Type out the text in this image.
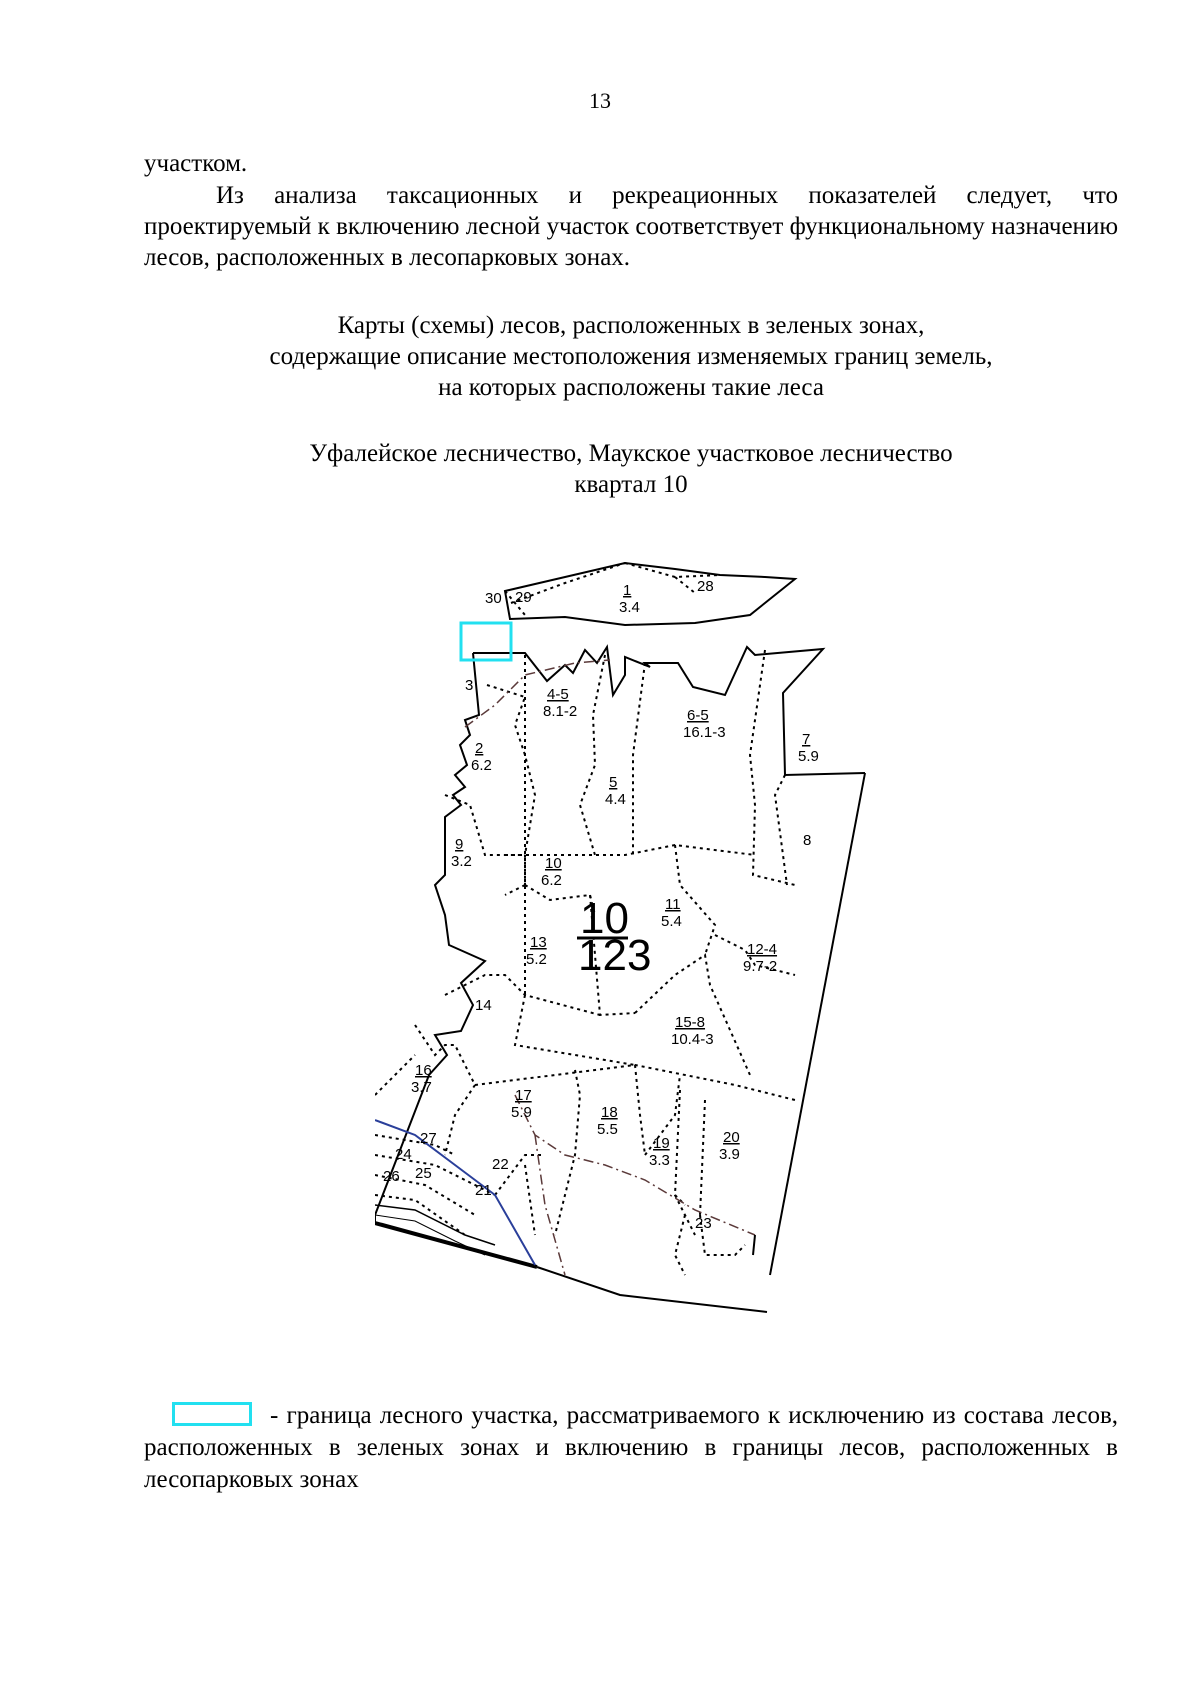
13
участком.
Из анализа таксационных и рекреационных показателей следует, что проектируемый к включению лесной участок соответствует функциональному назначению лесов, расположенных в лесопарковых зонах.
Карты (схемы) лесов, расположенных в зеленых зонах,
содержащие описание местоположения изменяемых границ земель,
на которых расположены такие леса
Уфалейское лесничество, Маукское участковое лесничество
квартал 10
1
3.4
28
30 29
3
2
6.2
4-5
8.1-2	6-5
16.1-3	7
5.9
5
4.4
8
9
3.2	10
6.2
11
5.4
12-4
9.7-2
13
5.2
14
15-8
10.4-3
16
3.7	17
5.9	18
5.5
19
3.3
20
3.9
27
24
22
26 25
21
23
10
123
- граница лесного участка, рассматриваемого к исключению из состава лесов, расположенных в зеленых зонах и включению в границы лесов, расположенных в лесопарковых зонах
